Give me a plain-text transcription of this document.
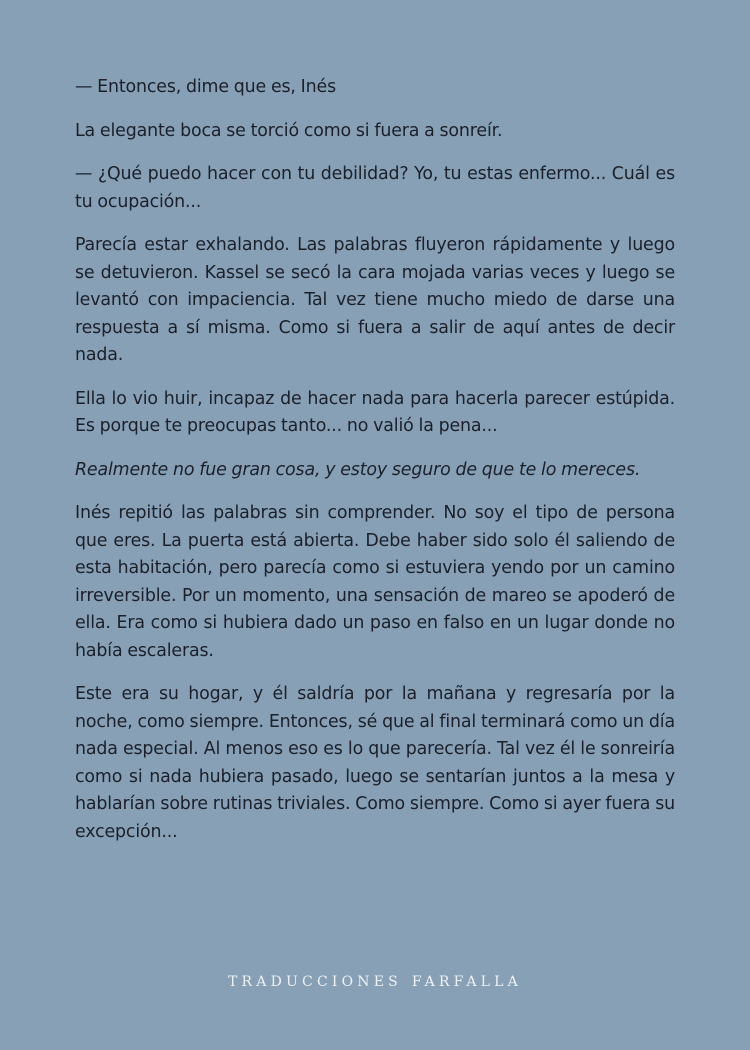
— Entonces, dime que es, Inés

La elegante boca se torció como si fuera a sonreír.

— ¿Qué puedo hacer con tu debilidad? Yo, tu estas enfermo... Cuál es tu ocupación...

Parecía estar exhalando. Las palabras fluyeron rápidamente y luego se detuvieron. Kassel se secó la cara mojada varias veces y luego se levantó con impaciencia. Tal vez tiene mucho miedo de darse una respuesta a sí misma. Como si fuera a salir de aquí antes de decir nada.

Ella lo vio huir, incapaz de hacer nada para hacerla parecer estúpida. Es porque te preocupas tanto... no valió la pena...

Realmente no fue gran cosa, y estoy seguro de que te lo mereces.

Inés repitió las palabras sin comprender. No soy el tipo de persona que eres. La puerta está abierta. Debe haber sido solo él saliendo de esta habitación, pero parecía como si estuviera yendo por un camino irreversible. Por un momento, una sensación de mareo se apoderó de ella. Era como si hubiera dado un paso en falso en un lugar donde no había escaleras.

Este era su hogar, y él saldría por la mañana y regresaría por la noche, como siempre. Entonces, sé que al final terminará como un día nada especial. Al menos eso es lo que parecería. Tal vez él le sonreiría como si nada hubiera pasado, luego se sentarían juntos a la mesa y hablarían sobre rutinas triviales. Como siempre. Como si ayer fuera su excepción...

TRADUCCIONES FARFALLA
